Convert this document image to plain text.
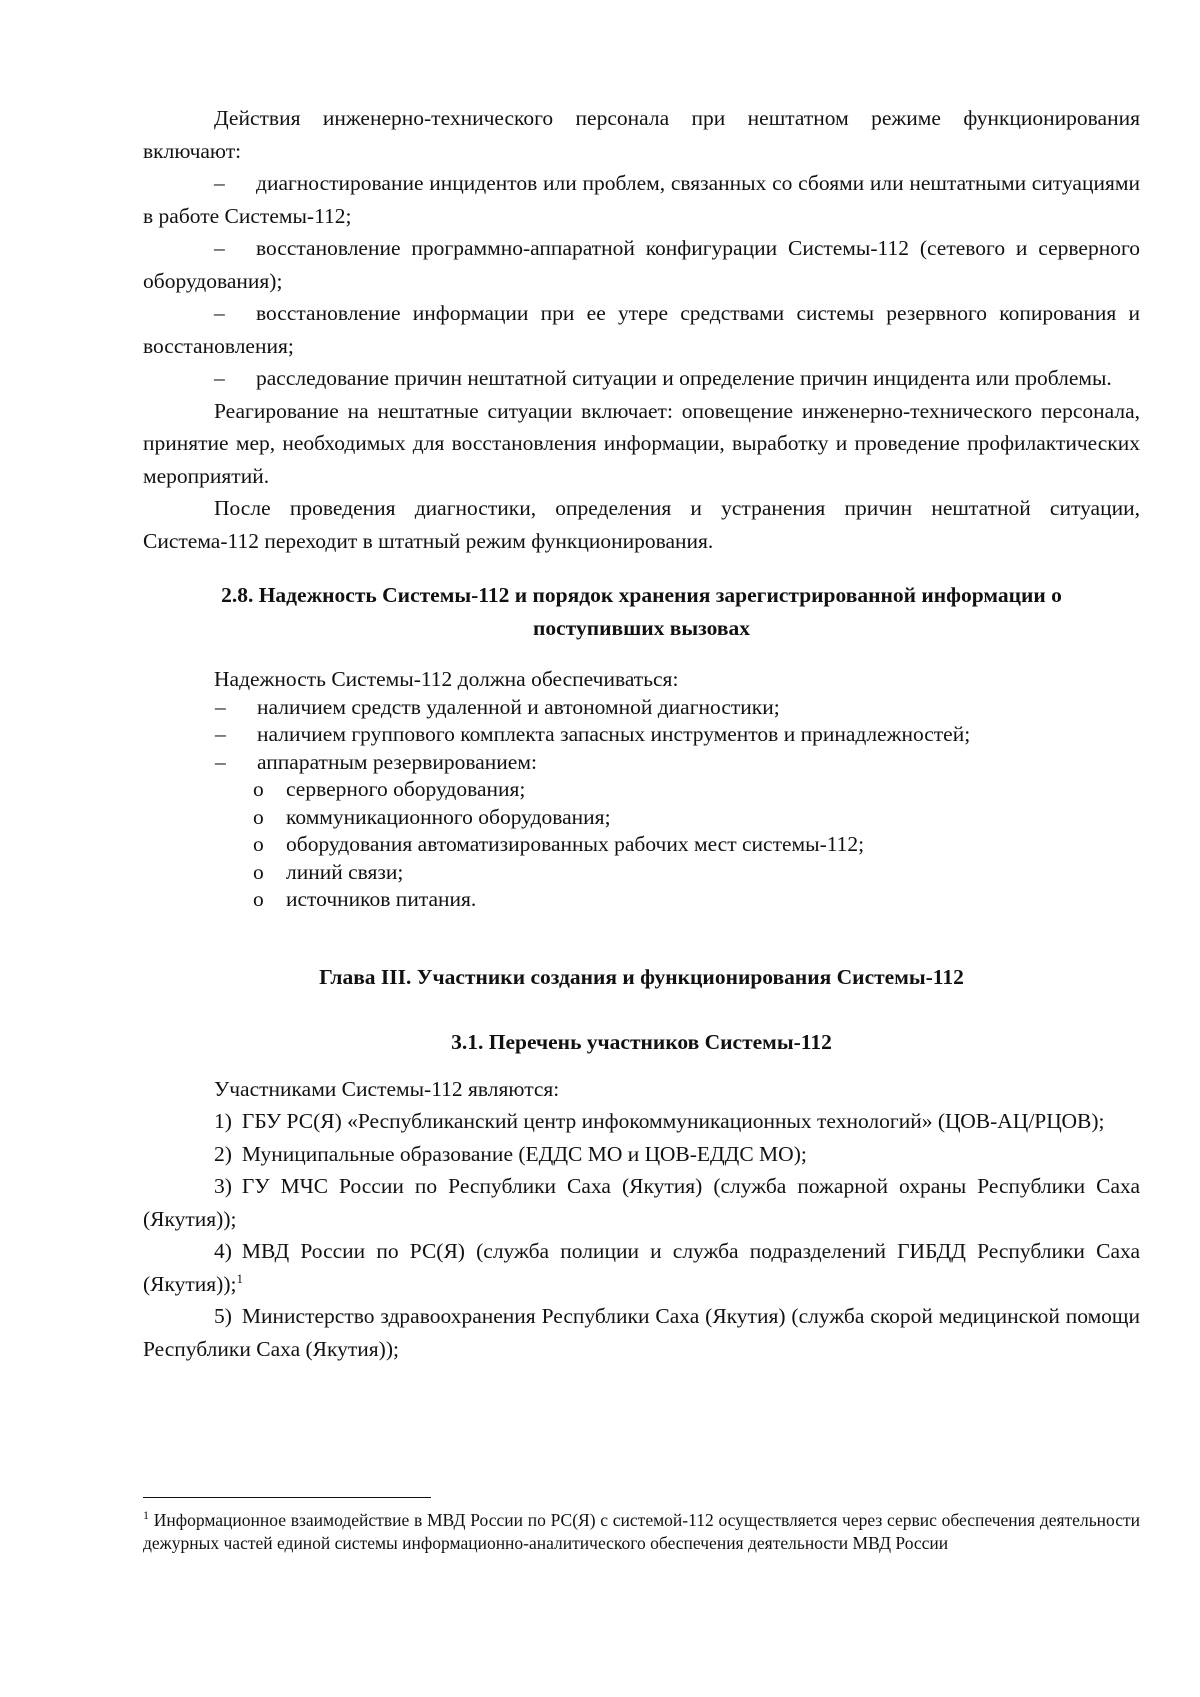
Действия инженерно-технического персонала при нештатном режиме функционирования включают:

– диагностирование инцидентов или проблем, связанных со сбоями или нештатными ситуациями в работе Системы-112;

– восстановление программно-аппаратной конфигурации Системы-112 (сетевого и серверного оборудования);

– восстановление информации при ее утере средствами системы резервного копирования и восстановления;

– расследование причин нештатной ситуации и определение причин инцидента или проблемы.

Реагирование на нештатные ситуации включает: оповещение инженерно-технического персонала, принятие мер, необходимых для восстановления информации, выработку и проведение профилактических мероприятий.

После проведения диагностики, определения и устранения причин нештатной ситуации, Система-112 переходит в штатный режим функционирования.

2.8. Надежность Системы-112 и порядок хранения зарегистрированной информации о

поступивших вызовах

Надежность Системы-112 должна обеспечиваться:

–	наличием средств удаленной и автономной диагностики;
–	наличием группового комплекта запасных инструментов и принадлежностей;
–	аппаратным резервированием:
o	серверного оборудования;
o	коммуникационного оборудования;
o	оборудования автоматизированных рабочих мест системы-112;
o	линий связи;
o	источников питания.

Глава III. Участники создания и функционирования Системы-112

3.1. Перечень участников Системы-112

Участниками Системы-112 являются:

1) ГБУ РС(Я) «Республиканский центр инфокоммуникационных технологий» (ЦОВ-АЦ/РЦОВ);

2) Муниципальные образование (ЕДДС МО и ЦОВ-ЕДДС МО);

3) ГУ МЧС России по Республики Саха (Якутия) (служба пожарной охраны Республики Саха (Якутия));

4) МВД России по РС(Я) (служба полиции и служба подразделений ГИБДД Республики Саха (Якутия));$^1$

5) Министерство здравоохранения Республики Саха (Якутия) (служба скорой медицинской помощи Республики Саха (Якутия));

$^1$ Информационное взаимодействие в МВД России по РС(Я) с системой-112 осуществляется через сервис обеспечения деятельности дежурных частей единой системы информационно-аналитического обеспечения деятельности МВД России
